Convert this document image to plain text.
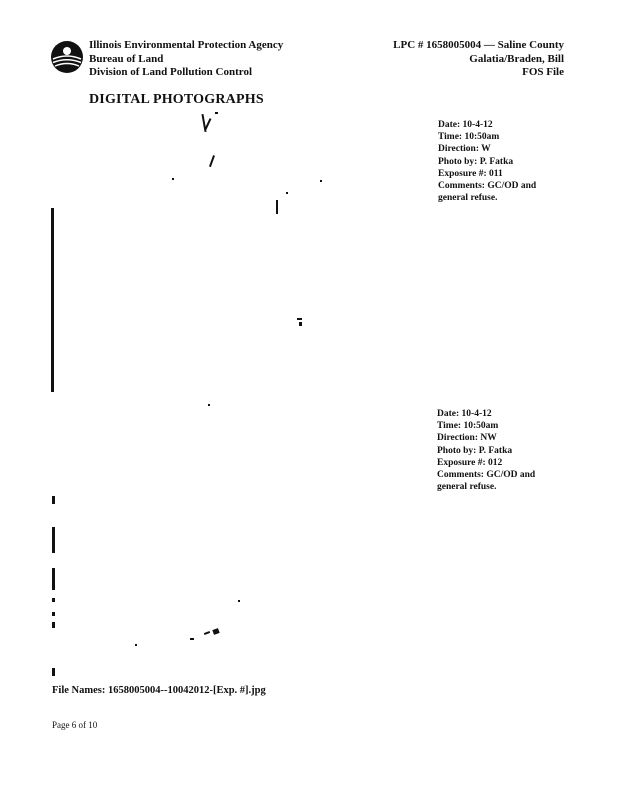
Illinois Environmental Protection Agency
Bureau of Land
Division of Land Pollution Control
LPC # 1658005004 — Saline County
Galatia/Braden, Bill
FOS File
DIGITAL PHOTOGRAPHS
Date: 10-4-12
Time: 10:50am
Direction: W
Photo by: P. Fatka
Exposure #: 011
Comments: GC/OD and
general refuse.
Date: 10-4-12
Time: 10:50am
Direction: NW
Photo by: P. Fatka
Exposure #: 012
Comments: GC/OD and
general refuse.
File Names: 1658005004--10042012-[Exp. #].jpg
Page 6 of 10
